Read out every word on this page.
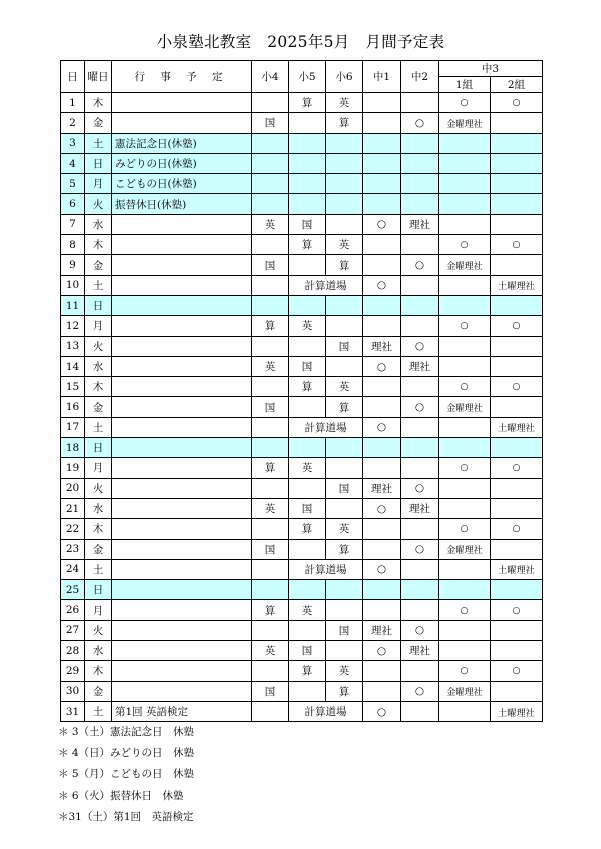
小泉塾北教室　2025年5月　月間予定表
日	曜日	行 事 予 定	小4	小5	小6	中1	中2	中3	
								1組	2組
1	木			算	英			○	○
2	金		国		算		○	金曜理社	
3	土	憲法記念日(休塾)							
4	日	みどりの日(休塾)							
5	月	こどもの日(休塾)							
6	火	振替休日(休塾)							
7	水		英	国		○	理社		
8	木			算	英			○	○
9	金		国		算		○	金曜理社	
10	土			計算道場		○			土曜理社
11	日								
12	月		算	英				○	○
13	火				国	理社	○		
14	水		英	国		○	理社		
15	木			算	英			○	○
16	金		国		算		○	金曜理社	
17	土			計算道場		○			土曜理社
18	日								
19	月		算	英				○	○
20	火				国	理社	○		
21	水		英	国		○	理社		
22	木			算	英			○	○
23	金		国		算		○	金曜理社	
24	土			計算道場		○			土曜理社
25	日								
26	月		算	英				○	○
27	火				国	理社	○		
28	水		英	国		○	理社		
29	木			算	英			○	○
30	金		国		算		○	金曜理社	
31	土	第1回 英語検定		計算道場		○			土曜理社
＊ 3（土）憲法記念日　休塾
＊ 4（日）みどりの日　休塾
＊ 5（月）こどもの日　休塾
＊ 6（火）振替休日　休塾
＊31（土）第1回　英語検定
